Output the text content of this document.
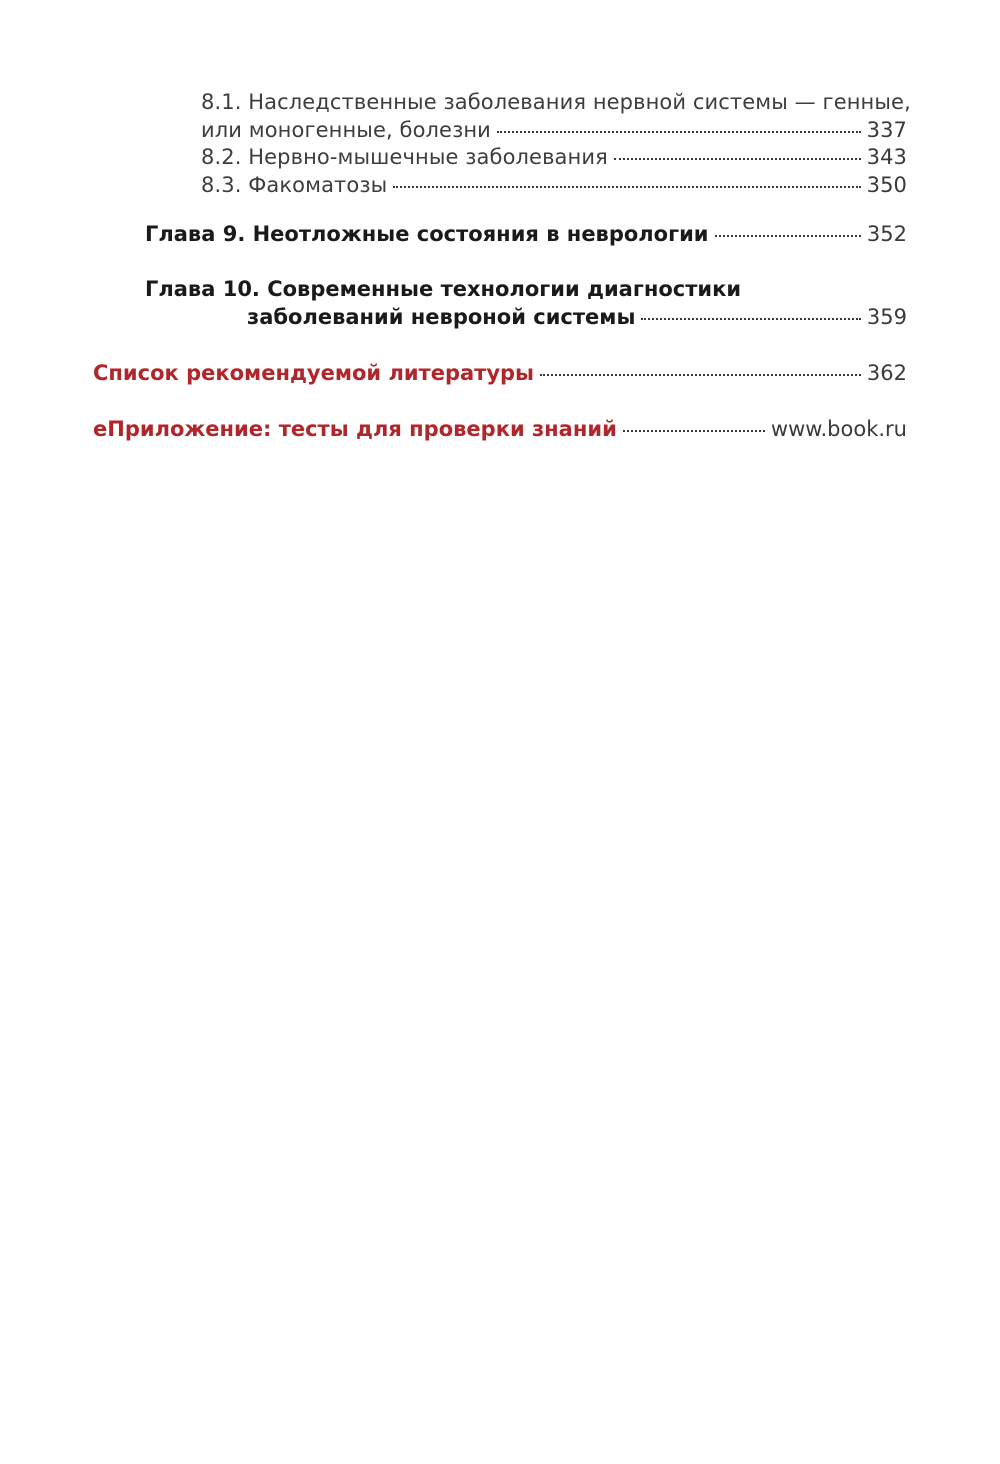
8.1. Наследственные заболевания нервной системы — генные,
или моногенные, болезни	337
8.2. Нервно-мышечные заболевания	343
8.3. Факоматозы	350
Глава 9. Неотложные состояния в неврологии	352
Глава 10. Современные технологии диагностики
заболеваний невроной системы	359
Список рекомендуемой литературы	362
еПриложение: тесты для проверки знаний	www.book.ru
